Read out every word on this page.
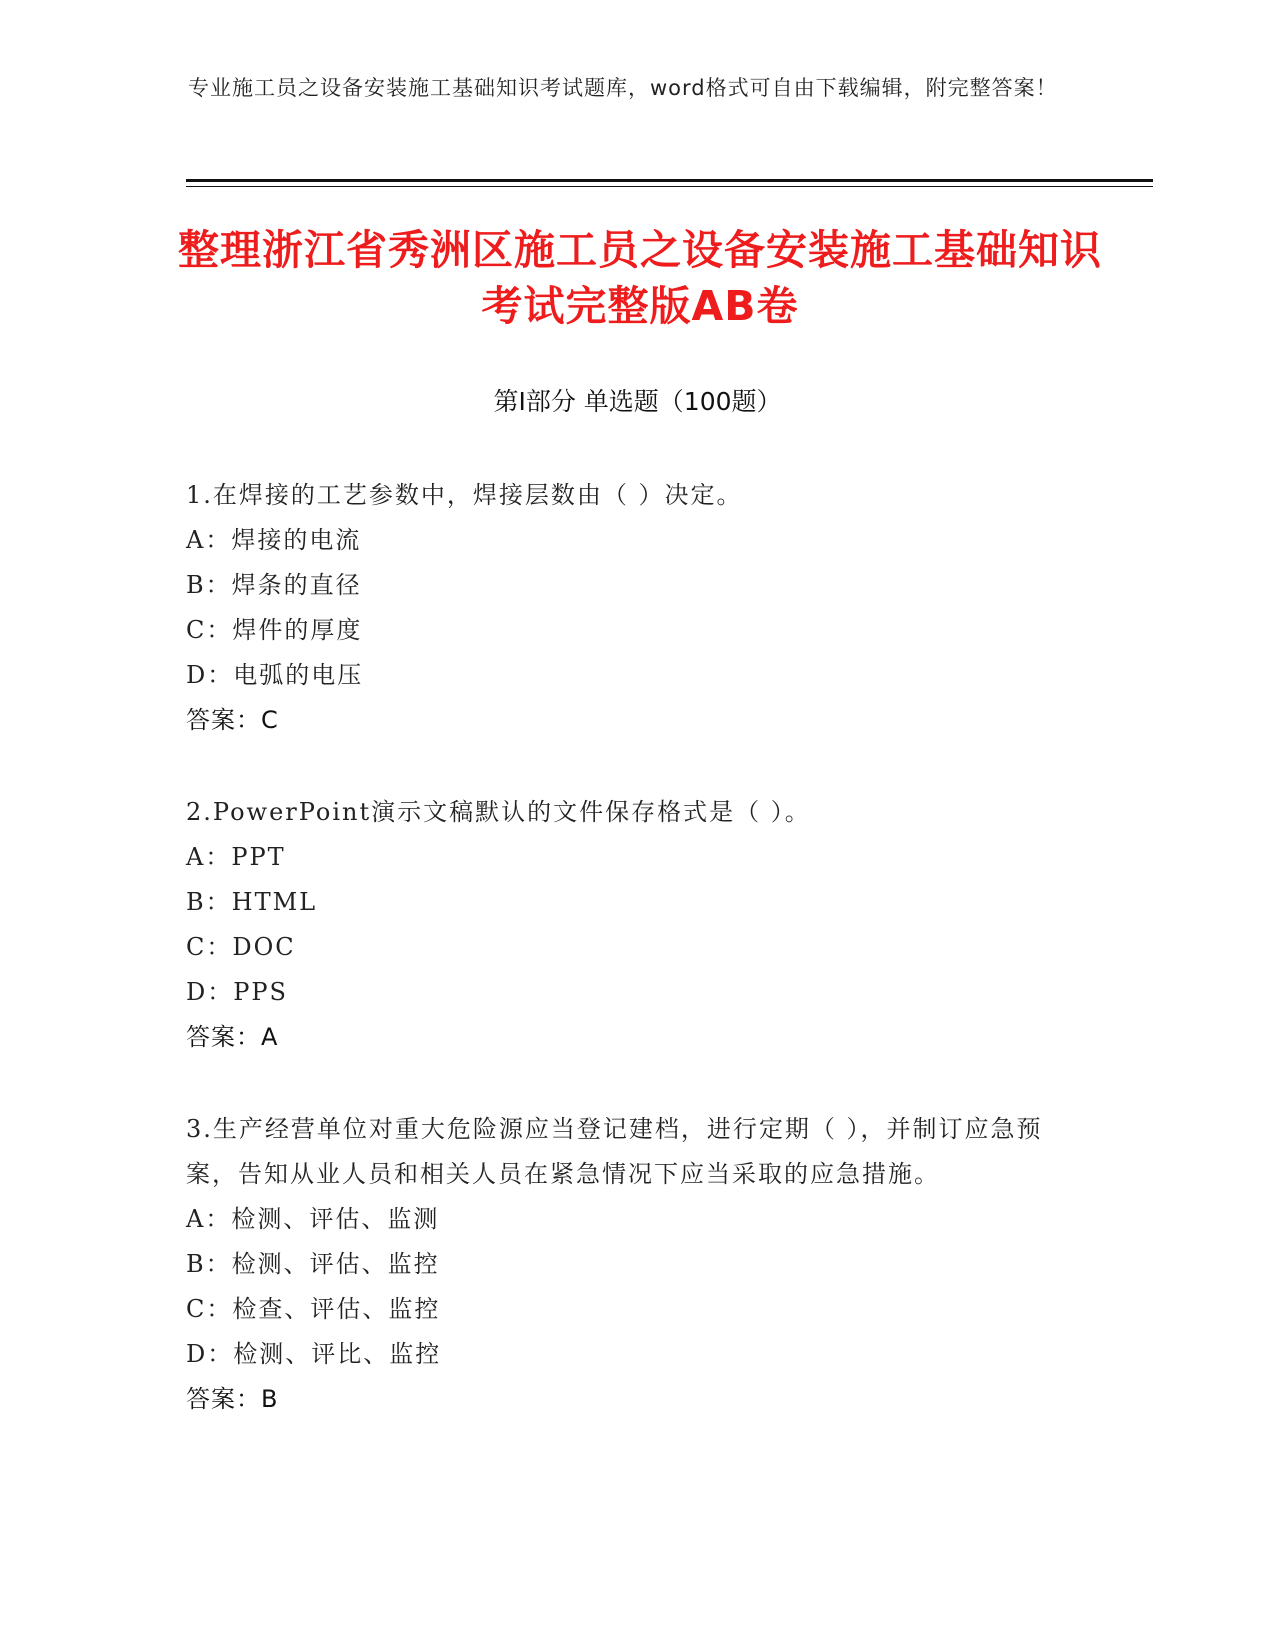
专业施工员之设备安装施工基础知识考试题库，word格式可自由下载编辑，附完整答案！
整理浙江省秀洲区施工员之设备安装施工基础知识考试完整版AB卷
第Ⅰ部分 单选题（100题）
1.在焊接的工艺参数中，焊接层数由（ ）决定。
A：焊接的电流
B：焊条的直径
C：焊件的厚度
D：电弧的电压
答案：C
2.PowerPoint演示文稿默认的文件保存格式是（ ）。
A：PPT
B：HTML
C：DOC
D：PPS
答案：A
3.生产经营单位对重大危险源应当登记建档，进行定期（ ），并制订应急预案，告知从业人员和相关人员在紧急情况下应当采取的应急措施。
A：检测、评估、监测
B：检测、评估、监控
C：检查、评估、监控
D：检测、评比、监控
答案：B
